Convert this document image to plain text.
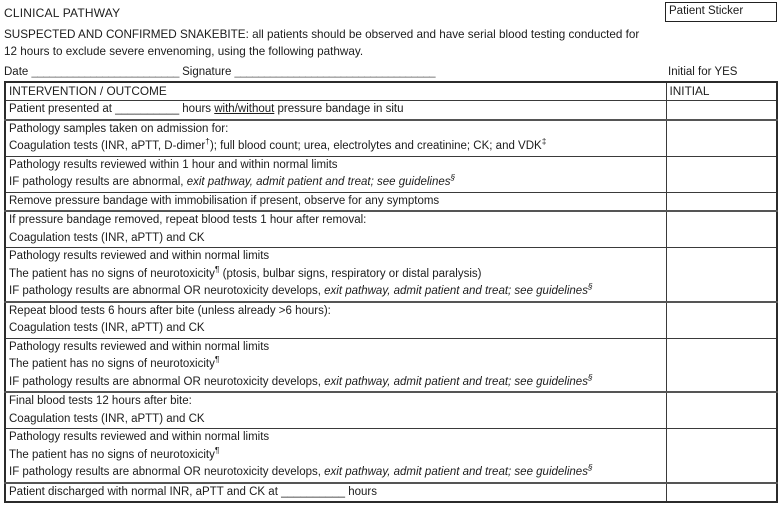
CLINICAL PATHWAY	Patient Sticker

SUSPECTED AND CONFIRMED SNAKEBITE: all patients should be observed and have serial blood testing conducted for
12 hours to exclude severe envenoming, using the following pathway.

Date _________________________ Signature __________________________________	Initial for YES
INTERVENTION / OUTCOME	INITIAL

Patient presented at __________ hours with/without pressure bandage in situ	

Pathology samples taken on admission for:
Coagulation tests (INR, aPTT, D-dimer†); full blood count; urea, electrolytes and creatinine; CK; and VDK‡

Pathology results reviewed within 1 hour and within normal limits
IF pathology results are abnormal, exit pathway, admit patient and treat; see guidelines§

Remove pressure bandage with immobilisation if present, observe for any symptoms	

If pressure bandage removed, repeat blood tests 1 hour after removal:
Coagulation tests (INR, aPTT) and CK	

Pathology results reviewed and within normal limits
The patient has no signs of neurotoxicity¶ (ptosis, bulbar signs, respiratory or distal paralysis)
IF pathology results are abnormal OR neurotoxicity develops, exit pathway, admit patient and treat; see guidelines§

Repeat blood tests 6 hours after bite (unless already >6 hours):
Coagulation tests (INR, aPTT) and CK	

Pathology results reviewed and within normal limits
The patient has no signs of neurotoxicity¶
IF pathology results are abnormal OR neurotoxicity develops, exit pathway, admit patient and treat; see guidelines§

Final blood tests 12 hours after bite:
Coagulation tests (INR, aPTT) and CK	

Pathology results reviewed and within normal limits
The patient has no signs of neurotoxicity¶
IF pathology results are abnormal OR neurotoxicity develops, exit pathway, admit patient and treat; see guidelines§

Patient discharged with normal INR, aPTT and CK at __________ hours	
